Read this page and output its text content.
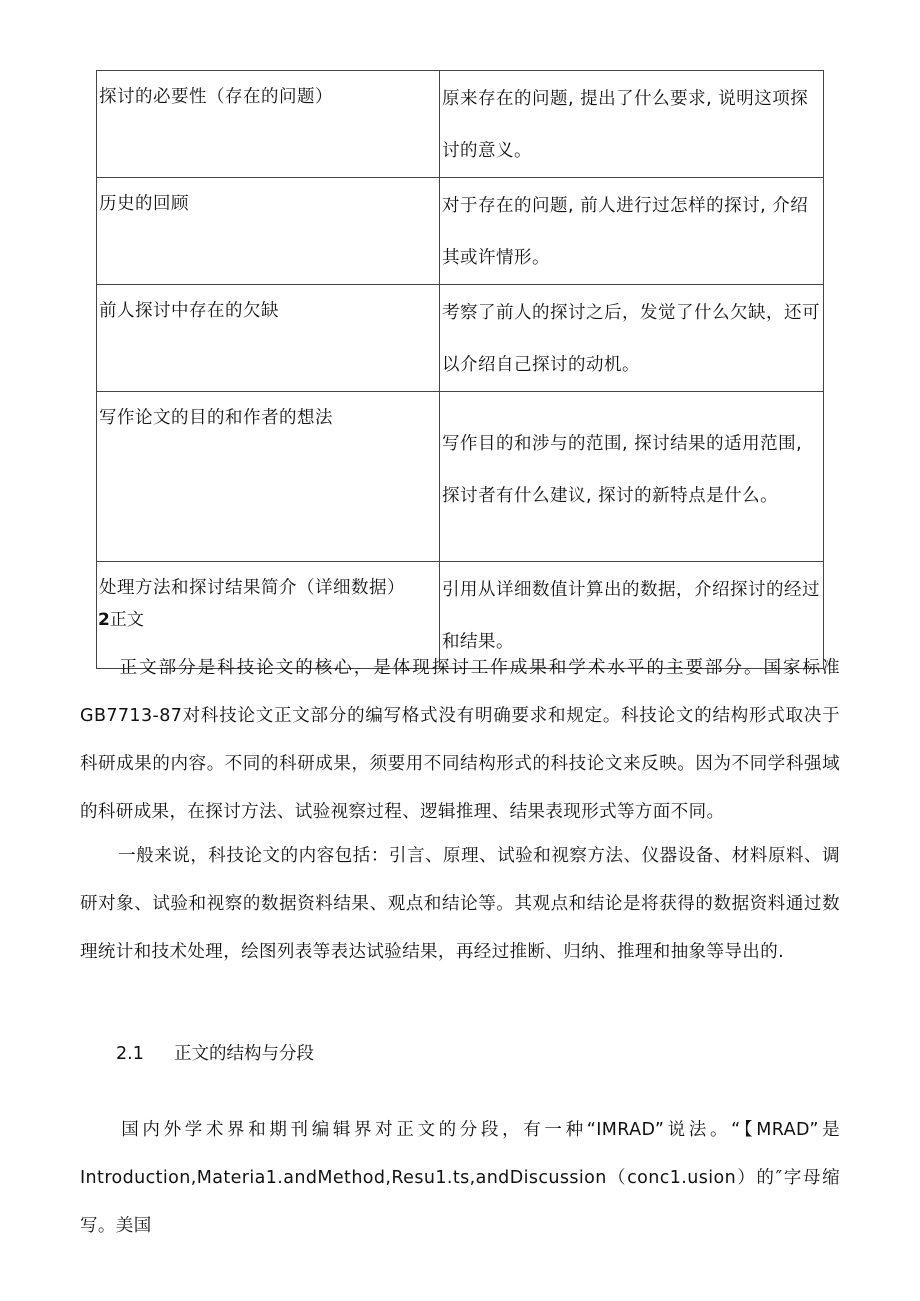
探讨的必要性（存在的问题）	原来存在的问题, 提出了什么要求, 说明这项探讨的意义。

历史的回顾	对于存在的问题, 前人进行过怎样的探讨, 介绍其或许情形。

前人探讨中存在的欠缺	考察了前人的探讨之后，发觉了什么欠缺，还可以介绍自己探讨的动机。

写作论文的目的和作者的想法	写作目的和涉与的范围, 探讨结果的适用范围, 探讨者有什么建议, 探讨的新特点是什么。

处理方法和探讨结果简介（详细数据）	引用从详细数值计算出的数据，介绍探讨的经过和结果。
2正文
正文部分是科技论文的核心，是体现探讨工作成果和学术水平的主要部分。国家标准GB7713-87对科技论文正文部分的编写格式没有明确要求和规定。科技论文的结构形式取决于科研成果的内容。不同的科研成果，须要用不同结构形式的科技论文来反映。因为不同学科强域的科研成果，在探讨方法、试验视察过程、逻辑推理、结果表现形式等方面不同。
一般来说，科技论文的内容包括：引言、原理、试验和视察方法、仪器设备、材料原料、调研对象、试验和视察的数据资料结果、观点和结论等。其观点和结论是将获得的数据资料通过数理统计和技术处理，绘图列表等表达试验结果，再经过推断、归纳、推理和抽象等导出的.
2.1 正文的结构与分段
国内外学术界和期刊编辑界对正文的分段，有一种“IMRAD”说法。“【MRAD”是Introduction,Materia1.andMethod,Resu1.ts,andDiscussion（conc1.usion）的″字母缩写。美国
